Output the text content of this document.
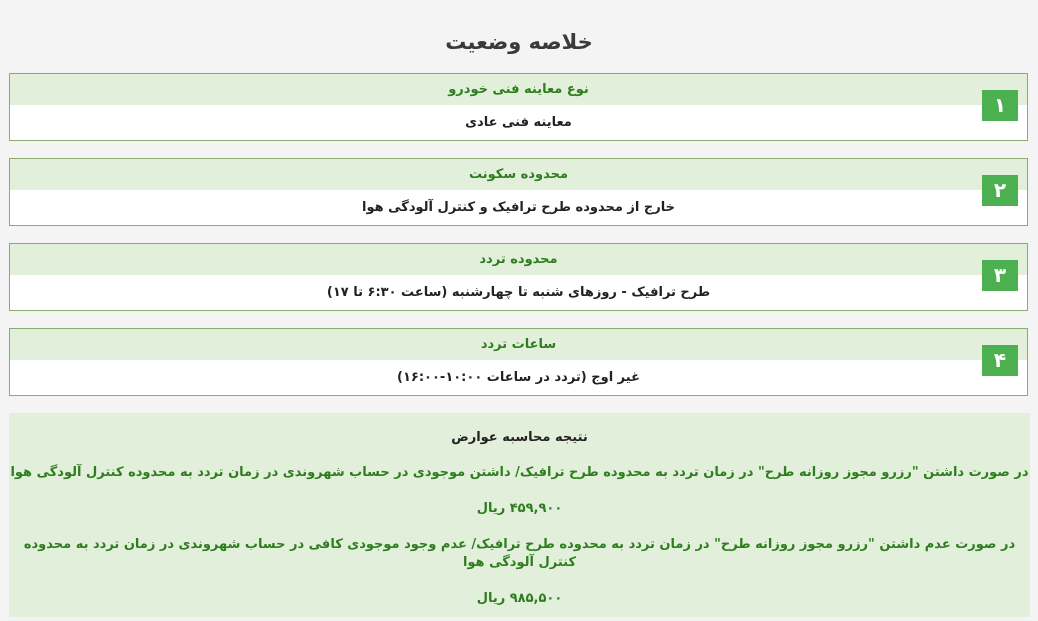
خلاصه وضعیت
نوع معاینه فنی خودرو
معاینه فنی عادی
۱
محدوده سکونت
خارج از محدوده طرح ترافیک و کنترل آلودگی هوا
۲
محدوده تردد
طرح ترافیک - روزهای شنبه تا چهارشنبه (ساعت ۶:۳۰ تا ۱۷)
۳
ساعات تردد
غیر اوج (تردد در ساعات ۱۰:۰۰-۱۶:۰۰)
۴
نتیجه محاسبه عوارض
در صورت داشتن "رزرو مجوز روزانه طرح" در زمان تردد به محدوده طرح ترافیک/ داشتن موجودی در حساب شهروندی در زمان تردد به محدوده کنترل آلودگی هوا
۴۵۹,۹۰۰ ریال
در صورت عدم داشتن "رزرو مجوز روزانه طرح" در زمان تردد به محدوده طرح ترافیک/ عدم وجود موجودی کافی در حساب شهروندی در زمان تردد به محدوده کنترل آلودگی هوا
۹۸۵,۵۰۰ ریال
